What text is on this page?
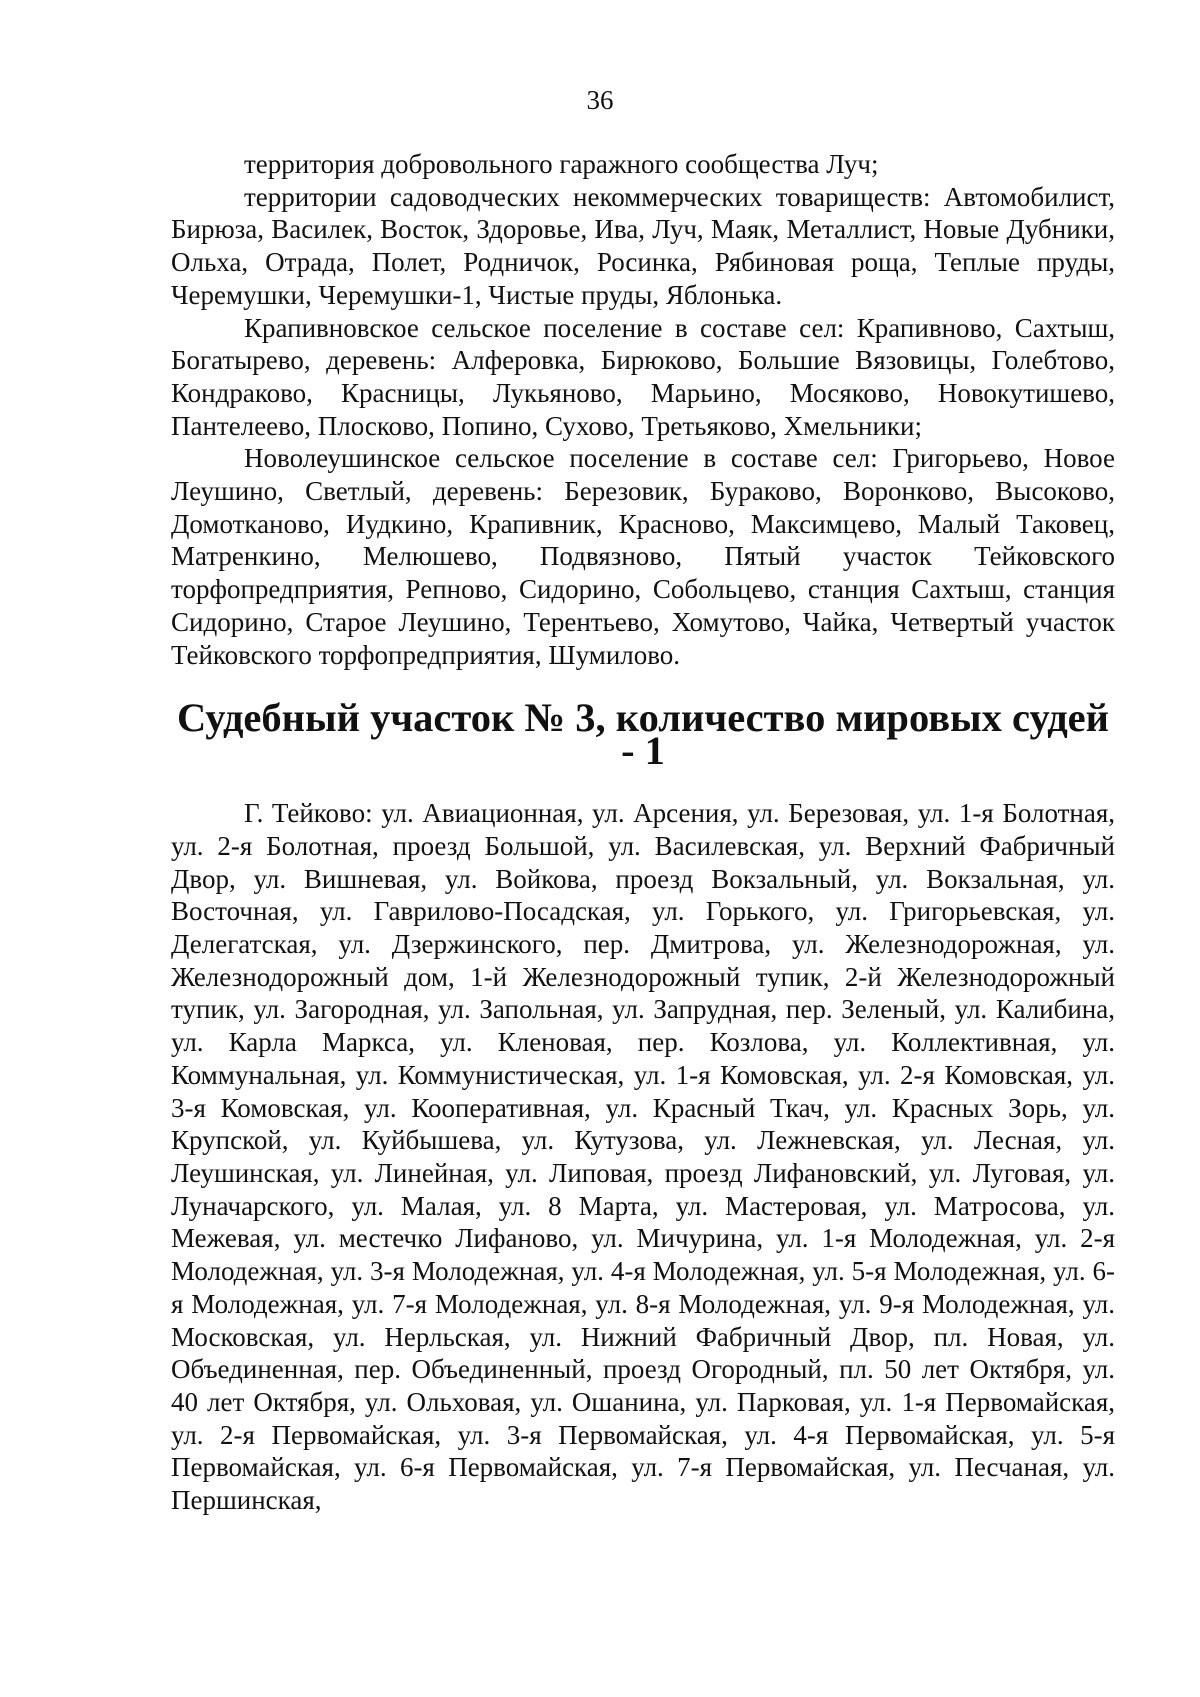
36

территория добровольного гаражного сообщества Луч;

территории садоводческих некоммерческих товариществ: Автомобилист, Бирюза, Василек, Восток, Здоровье, Ива, Луч, Маяк, Металлист, Новые Дубники, Ольха, Отрада, Полет, Родничок, Росинка, Рябиновая роща, Теплые пруды, Черемушки, Черемушки-1, Чистые пруды, Яблонька.

Крапивновское сельское поселение в составе сел: Крапивново, Сахтыш, Богатырево, деревень: Алферовка, Бирюково, Большие Вязовицы, Голебтово, Кондраково, Красницы, Лукьяново, Марьино, Мосяково, Новокутишево, Пантелеево, Плосково, Попино, Сухово, Третьяково, Хмельники;

Новолеушинское сельское поселение в составе сел: Григорьево, Новое Леушино, Светлый, деревень: Березовик, Бураково, Воронково, Высоково, Домотканово, Иудкино, Крапивник, Красново, Максимцево, Малый Таковец, Матренкино, Мелюшево, Подвязново, Пятый участок Тейковского торфопредприятия, Репново, Сидорино, Собольцево, станция Сахтыш, станция Сидорино, Старое Леушино, Терентьево, Хомутово, Чайка, Четвертый участок Тейковского торфопредприятия, Шумилово.

Судебный участок № 3, количество мировых судей - 1

Г. Тейково: ул. Авиационная, ул. Арсения, ул. Березовая, ул. 1-я Болотная, ул. 2-я Болотная, проезд Большой, ул. Василевская, ул. Верхний Фабричный Двор, ул. Вишневая, ул. Войкова, проезд Вокзальный, ул. Вокзальная, ул. Восточная, ул. Гаврилово-Посадская, ул. Горького, ул. Григорьевская, ул. Делегатская, ул. Дзержинского, пер. Дмитрова, ул. Железнодорожная, ул. Железнодорожный дом, 1-й Железнодорожный тупик, 2-й Железнодорожный тупик, ул. Загородная, ул. Запольная, ул. Запрудная, пер. Зеленый, ул. Калибина, ул. Карла Маркса, ул. Кленовая, пер. Козлова, ул. Коллективная, ул. Коммунальная, ул. Коммунистическая, ул. 1-я Комовская, ул. 2-я Комовская, ул. 3-я Комовская, ул. Кооперативная, ул. Красный Ткач, ул. Красных Зорь, ул. Крупской, ул. Куйбышева, ул. Кутузова, ул. Лежневская, ул. Лесная, ул. Леушинская, ул. Линейная, ул. Липовая, проезд Лифановский, ул. Луговая, ул. Луначарского, ул. Малая, ул. 8 Марта, ул. Мастеровая, ул. Матросова, ул. Межевая, ул. местечко Лифаново, ул. Мичурина, ул. 1-я Молодежная, ул. 2-я Молодежная, ул. 3-я Молодежная, ул. 4-я Молодежная, ул. 5-я Молодежная, ул. 6-я Молодежная, ул. 7-я Молодежная, ул. 8-я Молодежная, ул. 9-я Молодежная, ул. Московская, ул. Нерльская, ул. Нижний Фабричный Двор, пл. Новая, ул. Объединенная, пер. Объединенный, проезд Огородный, пл. 50 лет Октября, ул. 40 лет Октября, ул. Ольховая, ул. Ошанина, ул. Парковая, ул. 1-я Первомайская, ул. 2-я Первомайская, ул. 3-я Первомайская, ул. 4-я Первомайская, ул. 5-я Первомайская, ул. 6-я Первомайская, ул. 7-я Первомайская, ул. Песчаная, ул. Першинская,
